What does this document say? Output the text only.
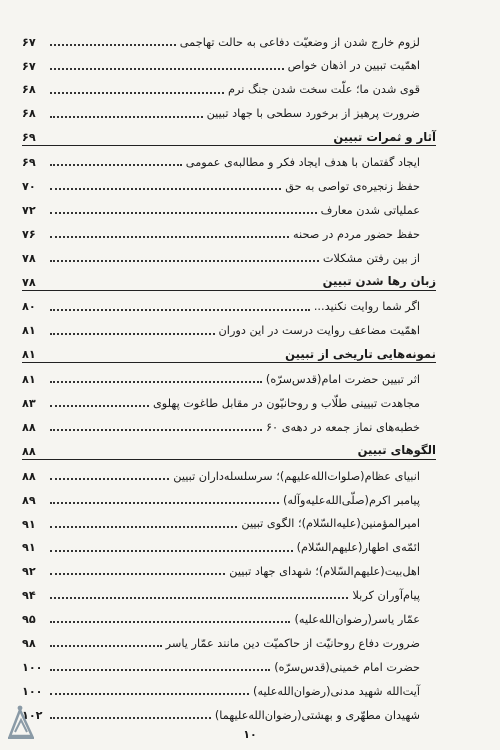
لزوم خارج شدن از وضعیّت دفاعی به حالت تهاجمی
۶۷
اهمّیت تبیین در اذهان خواص
۶۷
قوی شدن ما؛ علّت سخت شدن جنگ نرم
۶۸
ضرورت پرهیز از برخورد سطحی با جهاد تبیین
۶۸
آثار و ثمرات تبیین
۶۹
ایجاد گفتمان با هدف ایجاد فکر و مطالبه‌ی عمومی
۶۹
حفظ زنجیره‌ی تواصی به حق
۷۰
عملیاتی شدن معارف
۷۲
حفظ حضور مردم در صحنه
۷۶
از بین رفتن مشکلات
۷۸
زبان رها شدن تبیین
۷۸
اگر شما روایت نکنید...
۸۰
اهمّیت مضاعف روایت درست در این دوران
۸۱
نمونه‌هایی تاریخی از تبیین
۸۱
اثر تبیین حضرت امام(قدس‌سرّه)
۸۱
مجاهدت تبیینی طلّاب و روحانیّون در مقابل طاغوت پهلوی
۸۳
خطبه‌های نماز جمعه در دهه‌ی ۶۰
۸۸
الگوهای تبیین
۸۸
انبیای عظام(صلوات‌الله‌علیهم)؛ سرسلسله‌داران تبیین
۸۸
پیامبر اکرم(صلّی‌الله‌علیه‌وآله)
۸۹
امیرالمؤمنین(علیه‌السّلام)؛ الگوی تبیین
۹۱
ائمّه‌ی اطهار(علیهم‌السّلام)
۹۱
اهل‌بیت(علیهم‌السّلام)؛ شهدای جهاد تبیین
۹۲
پیام‌آوران کربلا
۹۴
عمّار یاسر(رضوان‌الله‌علیه)
۹۵
ضرورت دفاع روحانیّت از حاکمیّت دین مانند عمّار یاسر
۹۸
حضرت امام خمینی(قدس‌سرّه)
۱۰۰
آیت‌الله شهید مدنی(رضوان‌الله‌علیه)
۱۰۰
شهیدان مطهّری و بهشتی(رضوان‌الله‌علیهما)
۱۰۲
۱۰
